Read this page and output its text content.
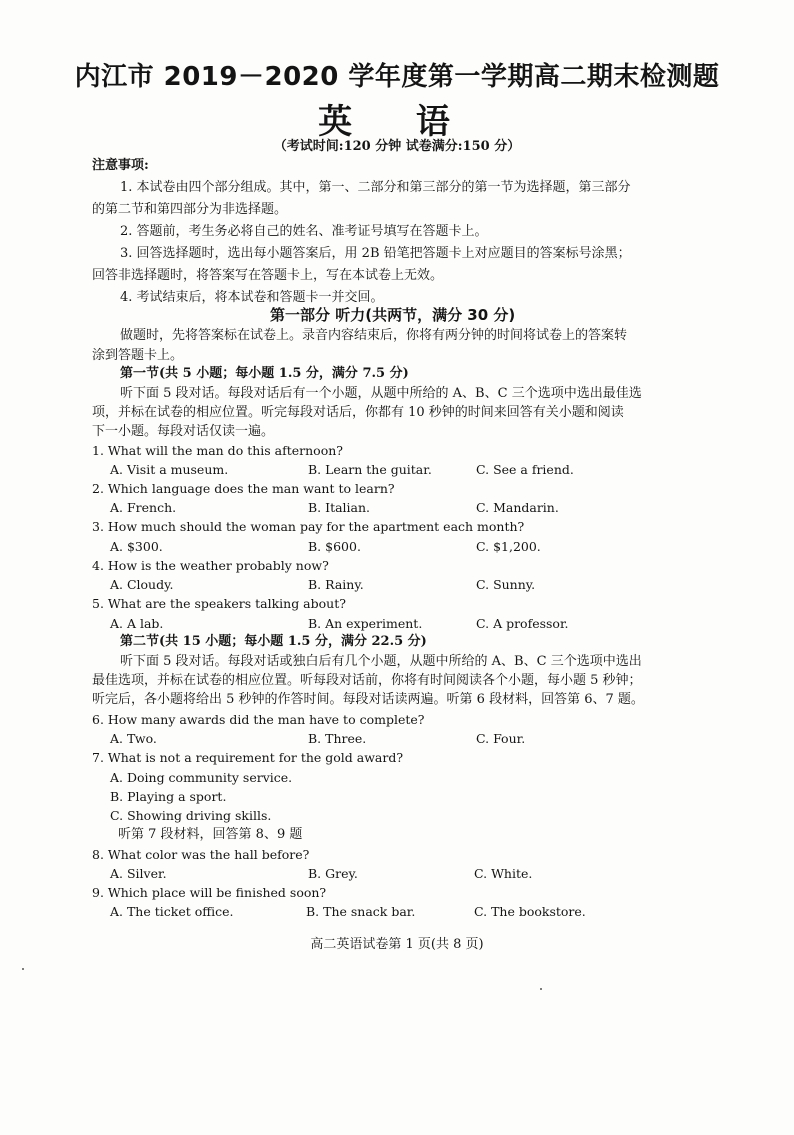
内江市 2019－2020 学年度第一学期高二期末检测题
英 语
（考试时间:120 分钟 试卷满分:150 分）
注意事项:
1. 本试卷由四个部分组成。其中，第一、二部分和第三部分的第一节为选择题，第三部分
的第二节和第四部分为非选择题。
2. 答题前，考生务必将自己的姓名、准考证号填写在答题卡上。
3. 回答选择题时，选出每小题答案后，用 2B 铅笔把答题卡上对应题目的答案标号涂黑；
回答非选择题时，将答案写在答题卡上，写在本试卷上无效。
4. 考试结束后，将本试卷和答题卡一并交回。
第一部分 听力(共两节，满分 30 分)
做题时，先将答案标在试卷上。录音内容结束后，你将有两分钟的时间将试卷上的答案转
涂到答题卡上。
第一节(共 5 小题；每小题 1.5 分，满分 7.5 分)
听下面 5 段对话。每段对话后有一个小题，从题中所给的 A、B、C 三个选项中选出最佳选
项，并标在试卷的相应位置。听完每段对话后，你都有 10 秒钟的时间来回答有关小题和阅读
下一小题。每段对话仅读一遍。
1. What will the man do this afternoon?
A. Visit a museum.	B. Learn the guitar.	C. See a friend.
2. Which language does the man want to learn?
A. French.	B. Italian.	C. Mandarin.
3. How much should the woman pay for the apartment each month?
A. $300.	B. $600.	C. $1,200.
4. How is the weather probably now?
A. Cloudy.	B. Rainy.	C. Sunny.
5. What are the speakers talking about?
A. A lab.	B. An experiment.	C. A professor.
第二节(共 15 小题；每小题 1.5 分，满分 22.5 分)
听下面 5 段对话。每段对话或独白后有几个小题，从题中所给的 A、B、C 三个选项中选出
最佳选项，并标在试卷的相应位置。听每段对话前，你将有时间阅读各个小题，每小题 5 秒钟；
听完后，各小题将给出 5 秒钟的作答时间。每段对话读两遍。听第 6 段材料，回答第 6、7 题。
6. How many awards did the man have to complete?
A. Two.	B. Three.	C. Four.
7. What is not a requirement for the gold award?
A. Doing community service.
B. Playing a sport.
C. Showing driving skills.
听第 7 段材料，回答第 8、9 题
8. What color was the hall before?
A. Silver.	B. Grey.	C. White.
9. Which place will be finished soon?
A. The ticket office.	B. The snack bar.	C. The bookstore.
高二英语试卷第 1 页(共 8 页)
